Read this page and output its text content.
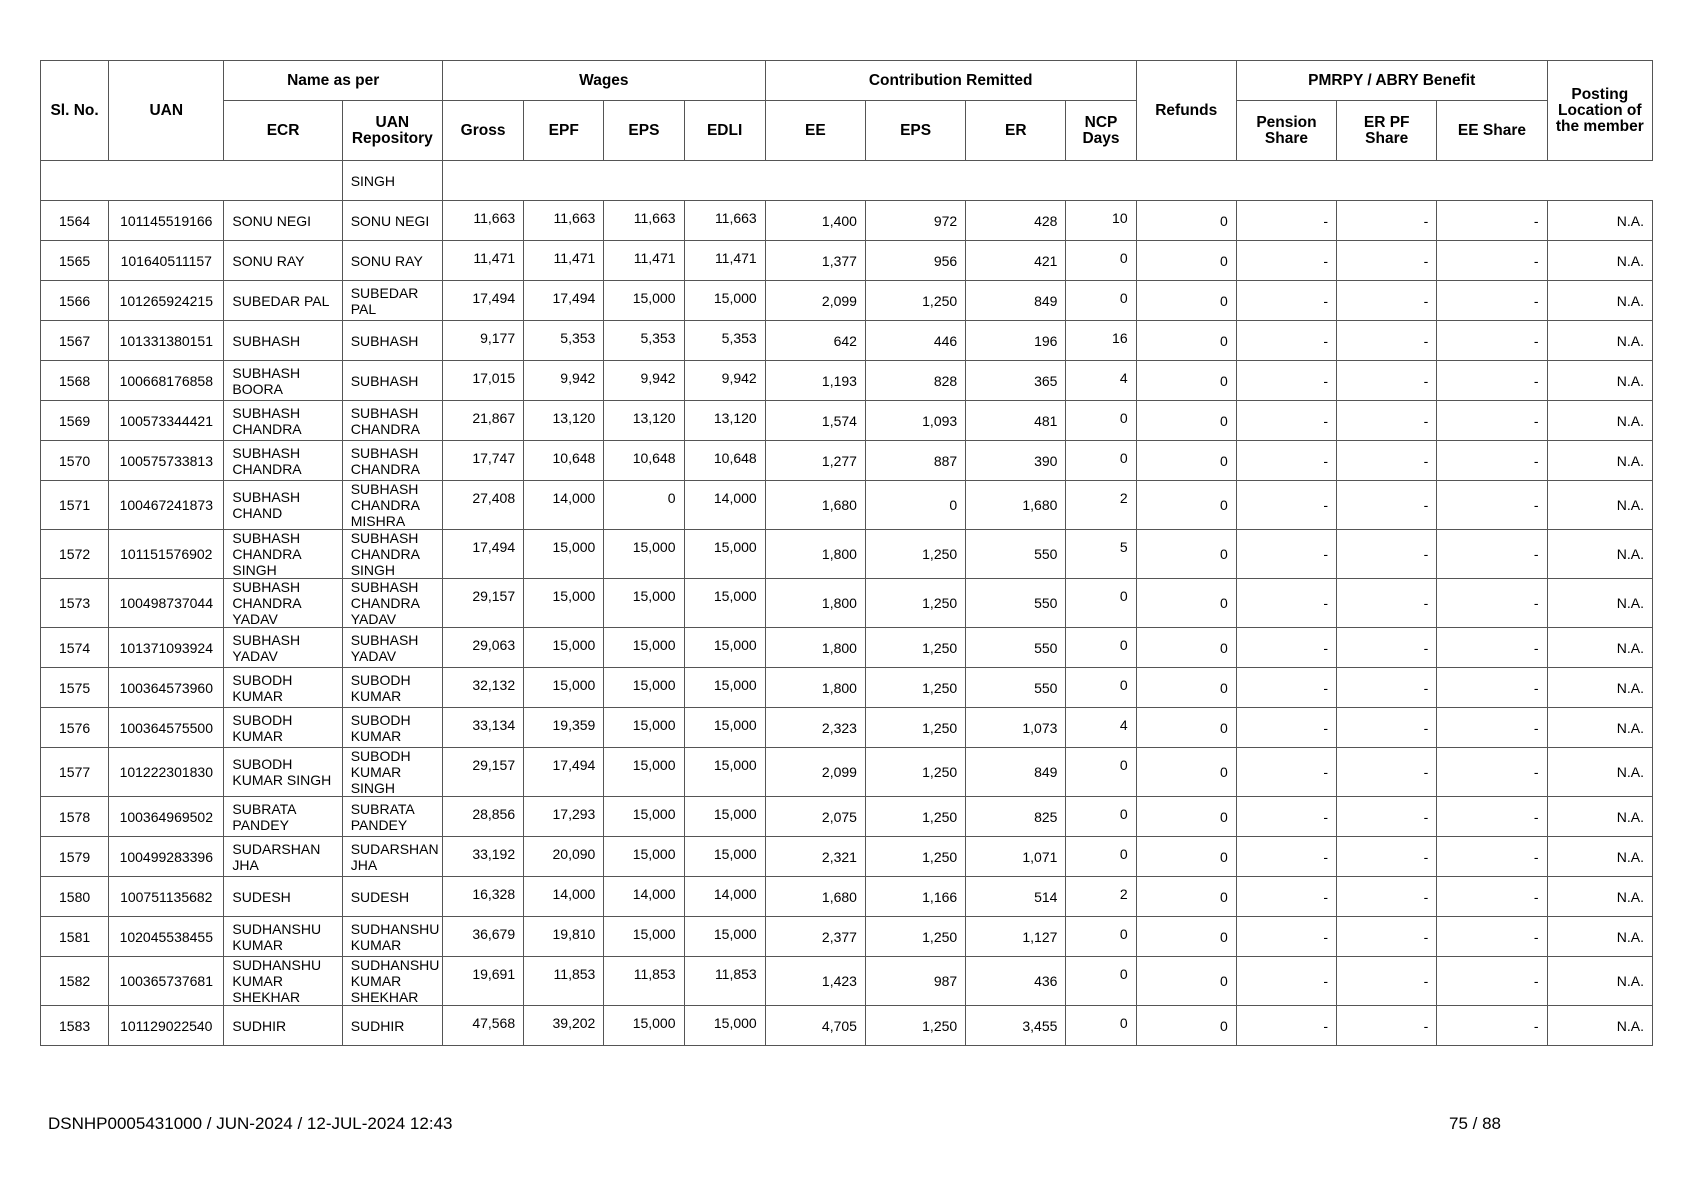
Sl. No.	UAN	Name as per		Wages				Contribution Remitted				Refunds	PMRPY / ABRY Benefit			Posting Location of the member
		ECR	UAN Repository	Gross	EPF	EPS	EDLI	EE	EPS	ER	NCP Days		Pension Share	ER PF Share	EE Share	
			SINGH													
1564	101145519166	SONU NEGI	SONU NEGI	11,663	11,663	11,663	11,663	1,400	972	428	10	0	-	-	-	N.A.
1565	101640511157	SONU RAY	SONU RAY	11,471	11,471	11,471	11,471	1,377	956	421	0	0	-	-	-	N.A.
1566	101265924215	SUBEDAR PAL	SUBEDAR PAL	17,494	17,494	15,000	15,000	2,099	1,250	849	0	0	-	-	-	N.A.
1567	101331380151	SUBHASH	SUBHASH	9,177	5,353	5,353	5,353	642	446	196	16	0	-	-	-	N.A.
1568	100668176858	SUBHASH BOORA	SUBHASH	17,015	9,942	9,942	9,942	1,193	828	365	4	0	-	-	-	N.A.
1569	100573344421	SUBHASH CHANDRA	SUBHASH CHANDRA	21,867	13,120	13,120	13,120	1,574	1,093	481	0	0	-	-	-	N.A.
1570	100575733813	SUBHASH CHANDRA	SUBHASH CHANDRA	17,747	10,648	10,648	10,648	1,277	887	390	0	0	-	-	-	N.A.
1571	100467241873	SUBHASH CHAND	SUBHASH CHANDRA MISHRA	27,408	14,000	0	14,000	1,680	0	1,680	2	0	-	-	-	N.A.
1572	101151576902	SUBHASH CHANDRA SINGH	SUBHASH CHANDRA SINGH	17,494	15,000	15,000	15,000	1,800	1,250	550	5	0	-	-	-	N.A.
1573	100498737044	SUBHASH CHANDRA YADAV	SUBHASH CHANDRA YADAV	29,157	15,000	15,000	15,000	1,800	1,250	550	0	0	-	-	-	N.A.
1574	101371093924	SUBHASH YADAV	SUBHASH YADAV	29,063	15,000	15,000	15,000	1,800	1,250	550	0	0	-	-	-	N.A.
1575	100364573960	SUBODH KUMAR	SUBODH KUMAR	32,132	15,000	15,000	15,000	1,800	1,250	550	0	0	-	-	-	N.A.
1576	100364575500	SUBODH KUMAR	SUBODH KUMAR	33,134	19,359	15,000	15,000	2,323	1,250	1,073	4	0	-	-	-	N.A.
1577	101222301830	SUBODH KUMAR SINGH	SUBODH KUMAR SINGH	29,157	17,494	15,000	15,000	2,099	1,250	849	0	0	-	-	-	N.A.
1578	100364969502	SUBRATA PANDEY	SUBRATA PANDEY	28,856	17,293	15,000	15,000	2,075	1,250	825	0	0	-	-	-	N.A.
1579	100499283396	SUDARSHAN JHA	SUDARSHAN JHA	33,192	20,090	15,000	15,000	2,321	1,250	1,071	0	0	-	-	-	N.A.
1580	100751135682	SUDESH	SUDESH	16,328	14,000	14,000	14,000	1,680	1,166	514	2	0	-	-	-	N.A.
1581	102045538455	SUDHANSHU KUMAR	SUDHANSHU KUMAR	36,679	19,810	15,000	15,000	2,377	1,250	1,127	0	0	-	-	-	N.A.
1582	100365737681	SUDHANSHU KUMAR SHEKHAR	SUDHANSHU KUMAR SHEKHAR	19,691	11,853	11,853	11,853	1,423	987	436	0	0	-	-	-	N.A.
1583	101129022540	SUDHIR	SUDHIR	47,568	39,202	15,000	15,000	4,705	1,250	3,455	0	0	-	-	-	N.A.
DSNHP0005431000 / JUN-2024 / 12-JUL-2024 12:43	75 / 88
